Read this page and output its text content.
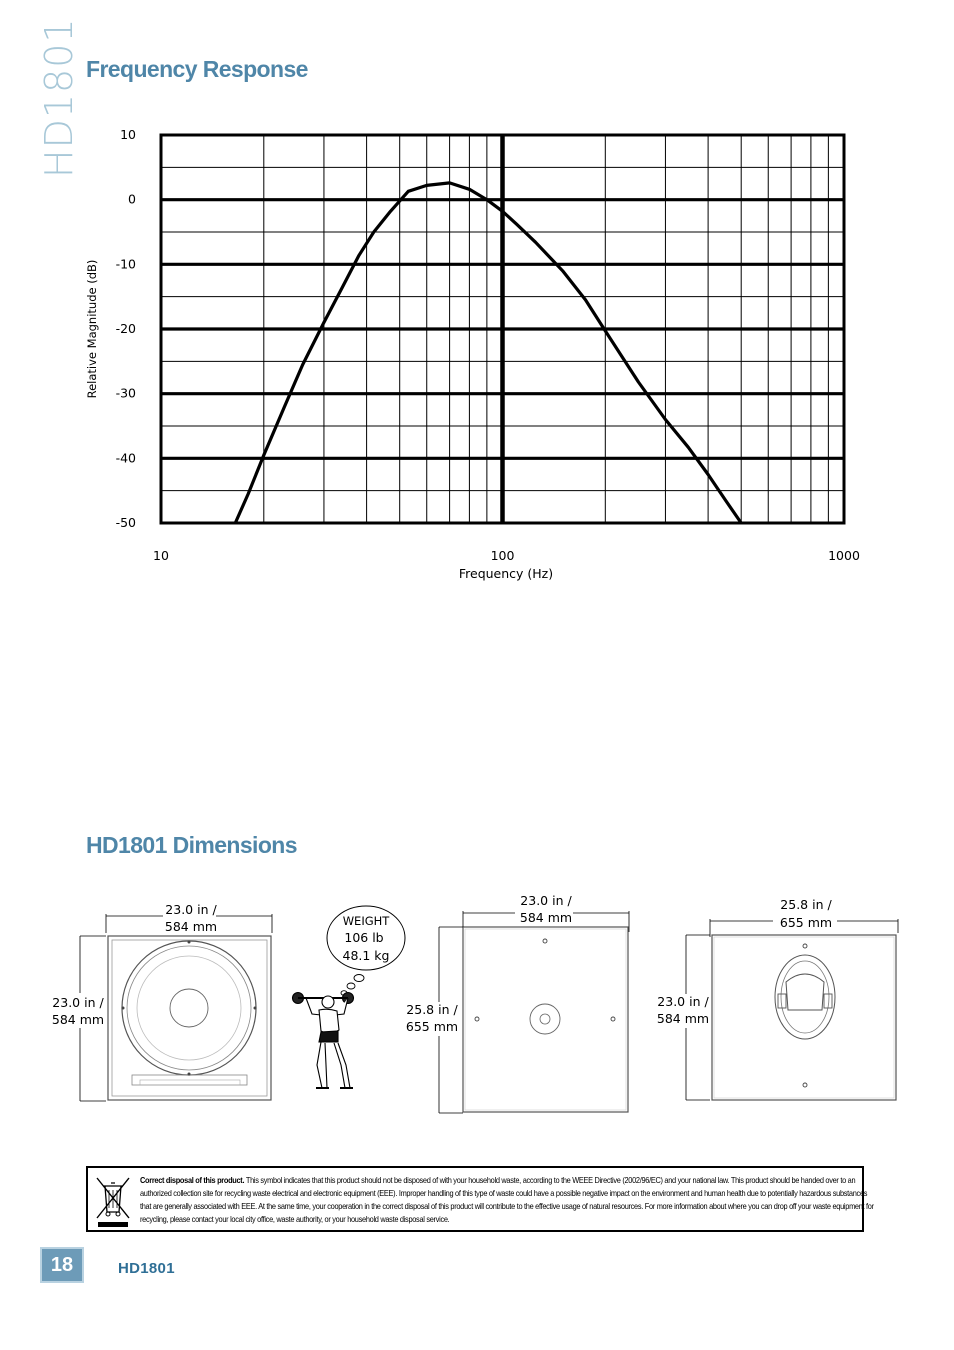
HD1801 Frequency Response
10
0
-10
-20
-30
-40
-50
10	100	1000
Frequency (Hz)
Relative Magnitude (dB)
HD1801 Dimensions
23.0 in /
584 mm
23.0 in /
584 mm
WEIGHT
106 lb
48.1 kg
23.0 in /
584 mm
25.8 in /
655 mm
25.8 in /
655 mm
23.0 in /
584 mm
Correct disposal of this product. This symbol indicates that this product should not be disposed of with your household waste, according to the WEEE Directive (2002/96/EC) and your national law. This product should be handed over to an authorized collection site for recycling waste electrical and electronic equipment (EEE). Improper handling of this type of waste could have a possible negative impact on the environment and human health due to potentially hazardous substances that are generally associated with EEE. At the same time, your cooperation in the correct disposal of this product will contribute to the effective usage of natural resources. For more information about where you can drop off your waste equipment for recycling, please contact your local city office, waste authority, or your household waste disposal service.
18	HD1801
